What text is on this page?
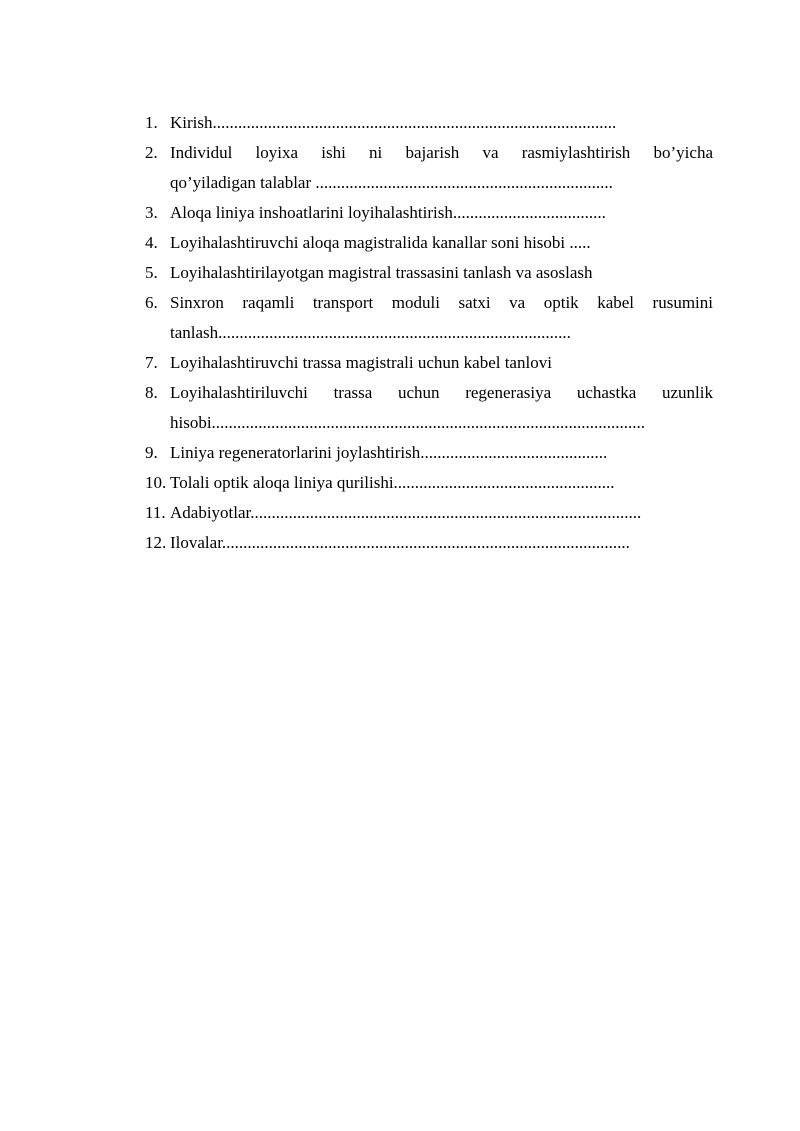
1. Kirish...............................................................................................
2. Individul loyixa ishi ni bajarish va rasmiylashtirish bo’yicha
qo’yiladigan talablar ......................................................................
3. Aloqa liniya inshoatlarini loyihalashtirish....................................
4. Loyihalashtiruvchi aloqa magistralida kanallar soni hisobi .....
5. Loyihalashtirilayotgan magistral trassasini tanlash va asoslash
6. Sinxron raqamli transport moduli satxi va optik kabel rusumini
tanlash...................................................................................
7. Loyihalashtiruvchi trassa magistrali uchun kabel tanlovi
8. Loyihalashtiriluvchi trassa uchun regenerasiya uchastka uzunlik
hisobi......................................................................................................
9. Liniya regeneratorlarini joylashtirish............................................
10. Tolali optik aloqa liniya qurilishi....................................................
11. Adabiyotlar............................................................................................
12. Ilovalar................................................................................................
